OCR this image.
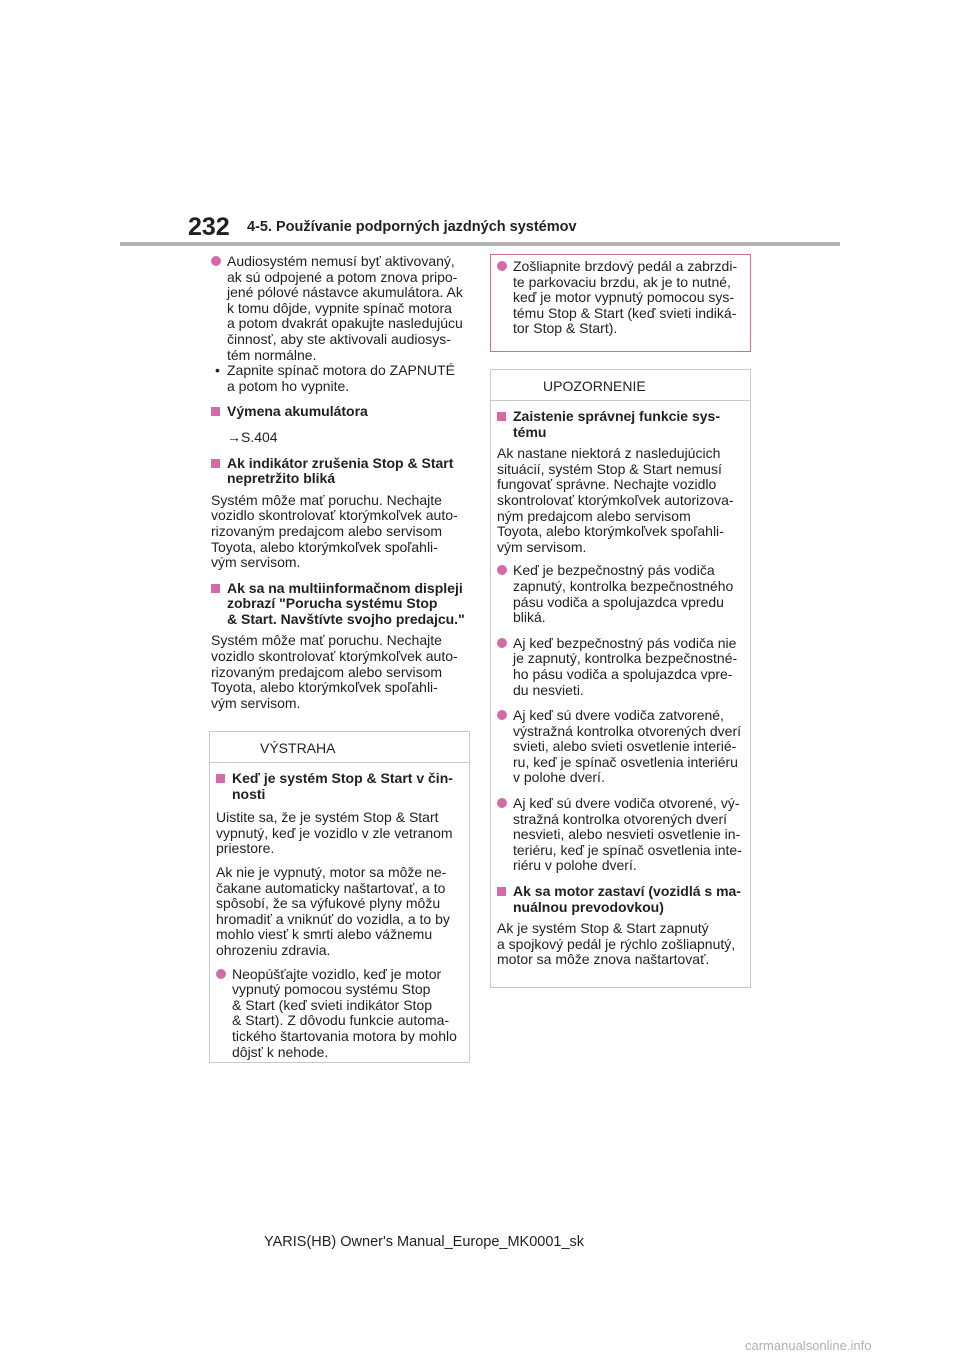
232 4-5. Používanie podporných jazdných systémov
Audiosystém nemusí byť aktivovaný,
ak sú odpojené a potom znova pripo-
jené pólové nástavce akumulátora. Ak
k tomu dôjde, vypnite spínač motora
a potom dvakrát opakujte nasledujúcu
činnosť, aby ste aktivovali audiosys-
tém normálne.
• Zapnite spínač motora do ZAPNUTÉ
a potom ho vypnite.
Výmena akumulátora
→S.404
Ak indikátor zrušenia Stop & Start
nepretržito bliká
Systém môže mať poruchu. Nechajte
vozidlo skontrolovať ktorýmkoľvek auto-
rizovaným predajcom alebo servisom
Toyota, alebo ktorýmkoľvek spoľahli-
vým servisom.
Ak sa na multiinformačnom displeji
zobrazí "Porucha systému Stop
& Start. Navštívte svojho predajcu."
Systém môže mať poruchu. Nechajte
vozidlo skontrolovať ktorýmkoľvek auto-
rizovaným predajcom alebo servisom
Toyota, alebo ktorýmkoľvek spoľahli-
vým servisom.
VÝSTRAHA
Keď je systém Stop & Start v čin-
nosti
Uistite sa, že je systém Stop & Start
vypnutý, keď je vozidlo v zle vetranom
priestore.
Ak nie je vypnutý, motor sa môže ne-
čakane automaticky naštartovať, a to
spôsobí, že sa výfukové plyny môžu
hromadiť a vniknúť do vozidla, a to by
mohlo viesť k smrti alebo vážnemu
ohrozeniu zdravia.
Neopúšťajte vozidlo, keď je motor
vypnutý pomocou systému Stop
& Start (keď svieti indikátor Stop
& Start). Z dôvodu funkcie automa-
tického štartovania motora by mohlo
dôjsť k nehode.
Zošliapnite brzdový pedál a zabrzdi-
te parkovaciu brzdu, ak je to nutné,
keď je motor vypnutý pomocou sys-
tému Stop & Start (keď svieti indiká-
tor Stop & Start).
UPOZORNENIE
Zaistenie správnej funkcie sys-
tému
Ak nastane niektorá z nasledujúcich
situácií, systém Stop & Start nemusí
fungovať správne. Nechajte vozidlo
skontrolovať ktorýmkoľvek autorizova-
ným predajcom alebo servisom
Toyota, alebo ktorýmkoľvek spoľahli-
vým servisom.
Keď je bezpečnostný pás vodiča
zapnutý, kontrolka bezpečnostného
pásu vodiča a spolujazdca vpredu
bliká.
Aj keď bezpečnostný pás vodiča nie
je zapnutý, kontrolka bezpečnostné-
ho pásu vodiča a spolujazdca vpre-
du nesvieti.
Aj keď sú dvere vodiča zatvorené,
výstražná kontrolka otvorených dverí
svieti, alebo svieti osvetlenie interié-
ru, keď je spínač osvetlenia interiéru
v polohe dverí.
Aj keď sú dvere vodiča otvorené, vý-
stražná kontrolka otvorených dverí
nesvieti, alebo nesvieti osvetlenie in-
teriéru, keď je spínač osvetlenia inte-
riéru v polohe dverí.
Ak sa motor zastaví (vozidlá s ma-
nuálnou prevodovkou)
Ak je systém Stop & Start zapnutý
a spojkový pedál je rýchlo zošliapnutý,
motor sa môže znova naštartovať.
YARIS(HB) Owner's Manual_Europe_MK0001_sk
carmanualsonline.info
